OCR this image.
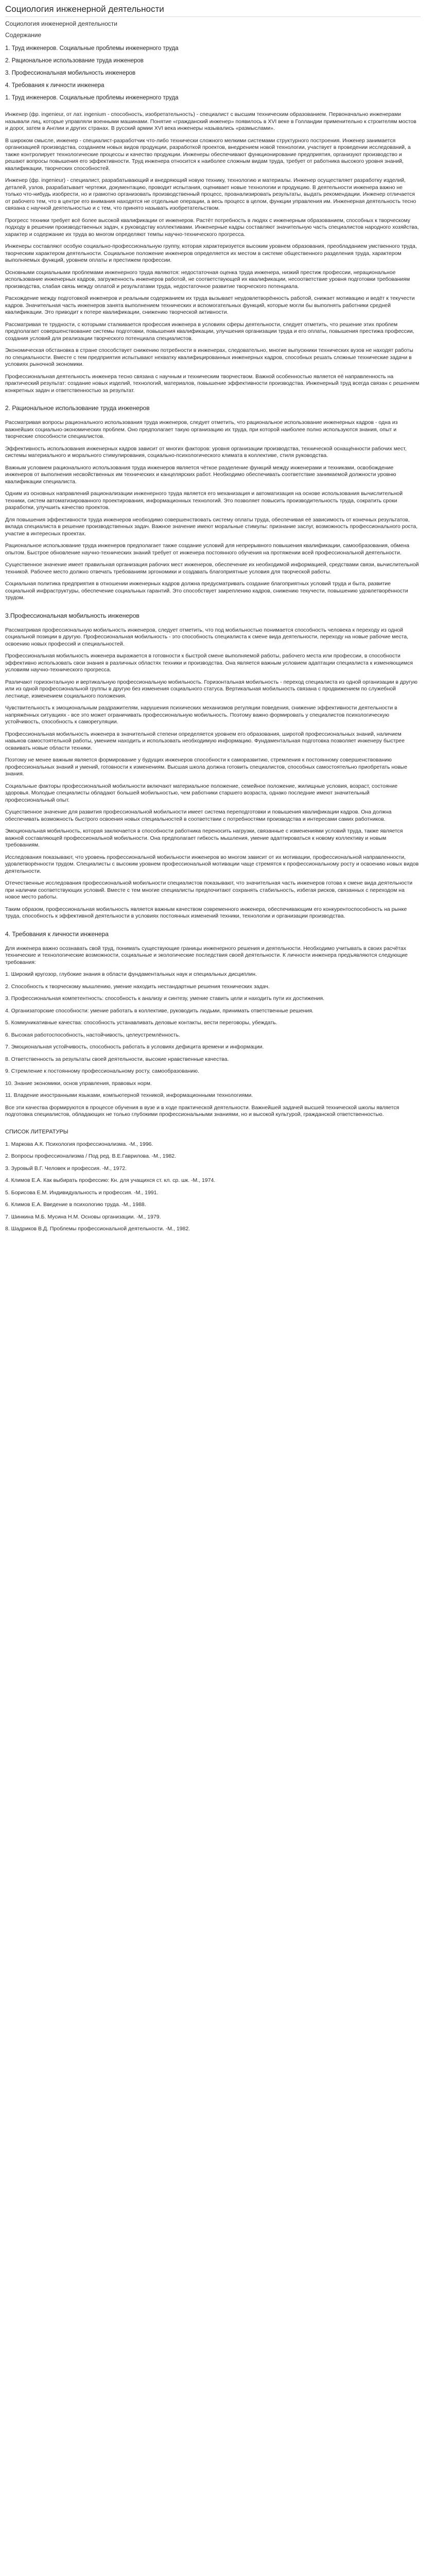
Социология инженерной деятельности
Социология инженерной деятельности
Содержание
1. Труд инженеров. Социальные проблемы инженерного труда
2. Рациональное использование труда инженеров
3. Профессиональная мобильность инженеров
4. Требования к личности инженера
1. Труд инженеров. Социальные проблемы инженерного труда

Инженер (фр. ingenieur, от лат. ingenium - способность, изобретательность) - специалист с высшим техническим образованием. Первоначально инженерами называли лиц, которые управляли военными машинами. Понятие «гражданский инженер» появилось в XVI веке в Голландии применительно к строителям мостов и дорог, затем в Англии и других странах. В русский армии XVI века инженеры назывались «размыслами».

В широком смысле, инженер - специалист-разработчик что-либо технически сложного мелкими системами структурного построения. Инженер занимается организацией производства, созданием новых видов продукции, разработкой проектов, внедрением новой технологии, участвует в проведении исследований, а также контролирует технологические процессы и качество продукции. Инженеры обеспечивают функционирование предприятия, организуют производство и решают вопросы повышения его эффективности. Труд инженера относится к наиболее сложным видам труда, требует от работника высокого уровня знаний, квалификации, творческих способностей.

Инженер (фр. ingenieur) - специалист, разрабатывающий и внедряющий новую технику, технологию и материалы. Инженер осуществляет разработку изделий, деталей, узлов, разрабатывает чертежи, документацию, проводит испытания, оценивает новые технологии и продукцию. В деятельности инженера важно не только что-нибудь изобрести, но и грамотно организовать производственный процесс, проанализировать результаты, выдать рекомендации. Инженер отличается от рабочего тем, что в центре его внимания находятся не отдельные операции, а весь процесс в целом, функции управления им. Инженерная деятельность тесно связана с научной деятельностью и с тем, что принято называть изобретательством.

Прогресс техники требует всё более высокой квалификации от инженеров. Растёт потребность в людях с инженерным образованием, способных к творческому подходу в решении производственных задач, к руководству коллективами. Инженерные кадры составляют значительную часть специалистов народного хозяйства, характер и содержание их труда во многом определяют темпы научно-технического прогресса.

Инженеры составляют особую социально-профессиональную группу, которая характеризуется высоким уровнем образования, преобладанием умственного труда, творческим характером деятельности. Социальное положение инженеров определяется их местом в системе общественного разделения труда, характером выполняемых функций, уровнем оплаты и престижем профессии.

Основными социальными проблемами инженерного труда являются: недостаточная оценка труда инженера, низкий престиж профессии, нерациональное использование инженерных кадров, загруженность инженеров работой, не соответствующей их квалификации, несоответствие уровня подготовки требованиям производства, слабая связь между оплатой и результатами труда, недостаточное развитие творческого потенциала.

Расхождение между подготовкой инженеров и реальным содержанием их труда вызывает неудовлетворённость работой, снижает мотивацию и ведёт к текучести кадров. Значительная часть инженеров занята выполнением технических и вспомогательных функций, которые могли бы выполнять работники средней квалификации. Это приводит к потере квалификации, снижению творческой активности.

Рассматривая те трудности, с которыми сталкивается профессия инженера в условиях сферы деятельности, следует отметить, что решение этих проблем предполагает совершенствование системы подготовки, повышения квалификации, улучшения организации труда и его оплаты, повышения престижа профессии, создания условий для реализации творческого потенциала специалистов.

Экономическая обстановка в стране способствует снижению потребности в инженерах, следовательно, многие выпускники технических вузов не находят работы по специальности. Вместе с тем предприятия испытывают нехватку квалифицированных инженерных кадров, способных решать сложные технические задачи в условиях рыночной экономики.

Профессиональная деятельность инженера тесно связана с научным и техническим творчеством. Важной особенностью является её направленность на практический результат: создание новых изделий, технологий, материалов, повышение эффективности производства. Инженерный труд всегда связан с решением конкретных задач и ответственностью за результат.

2. Рациональное использование труда инженеров

Рассматривая вопросы рационального использования труда инженеров, следует отметить, что рациональное использование инженерных кадров - одна из важнейших социально-экономических проблем. Оно предполагает такую организацию их труда, при которой наиболее полно используются знания, опыт и творческие способности специалистов.

Эффективность использования инженерных кадров зависит от многих факторов: уровня организации производства, технической оснащённости рабочих мест, системы материального и морального стимулирования, социально-психологического климата в коллективе, стиля руководства.

Важным условием рационального использования труда инженеров является чёткое разделение функций между инженерами и техниками, освобождение инженеров от выполнения несвойственных им технических и канцелярских работ. Необходимо обеспечивать соответствие занимаемой должности уровню квалификации специалиста.

Одним из основных направлений рационализации инженерного труда является его механизация и автоматизация на основе использования вычислительной техники, систем автоматизированного проектирования, информационных технологий. Это позволяет повысить производительность труда, сократить сроки разработки, улучшить качество проектов.

Для повышения эффективности труда инженеров необходимо совершенствовать систему оплаты труда, обеспечивая её зависимость от конечных результатов, вклада специалиста в решение производственных задач. Важное значение имеют моральные стимулы: признание заслуг, возможность профессионального роста, участие в интересных проектах.

Рациональное использование труда инженеров предполагает также создание условий для непрерывного повышения квалификации, самообразования, обмена опытом. Быстрое обновление научно-технических знаний требует от инженера постоянного обучения на протяжении всей профессиональной деятельности.

Существенное значение имеет правильная организация рабочих мест инженеров, обеспечение их необходимой информацией, средствами связи, вычислительной техникой. Рабочее место должно отвечать требованиям эргономики и создавать благоприятные условия для творческой работы.

Социальная политика предприятия в отношении инженерных кадров должна предусматривать создание благоприятных условий труда и быта, развитие социальной инфраструктуры, обеспечение социальных гарантий. Это способствует закреплению кадров, снижению текучести, повышению удовлетворённости трудом.

3.Профессиональная мобильность инженеров

Рассматривая профессиональную мобильность инженеров, следует отметить, что под мобильностью понимается способность человека к переходу из одной социальной позиции в другую. Профессиональная мобильность - это способность специалиста к смене вида деятельности, переходу на новые рабочие места, освоению новых профессий и специальностей.

Профессиональная мобильность инженера выражается в готовности к быстрой смене выполняемой работы, рабочего места или профессии, в способности эффективно использовать свои знания в различных областях техники и производства. Она является важным условием адаптации специалиста к изменяющимся условиям научно-технического прогресса.

Различают горизонтальную и вертикальную профессиональную мобильность. Горизонтальная мобильность - переход специалиста из одной организации в другую или из одной профессиональной группы в другую без изменения социального статуса. Вертикальная мобильность связана с продвижением по служебной лестнице, изменением социального положения.

Чувствительность к эмоциональным раздражителям, нарушения психических механизмов регуляции поведения, снижение эффективности деятельности в напряжённых ситуациях - все это может ограничивать профессиональную мобильность. Поэтому важно формировать у специалистов психологическую устойчивость, способность к саморегуляции.

Профессиональная мобильность инженера в значительной степени определяется уровнем его образования, широтой профессиональных знаний, наличием навыков самостоятельной работы, умением находить и использовать необходимую информацию. Фундаментальная подготовка позволяет инженеру быстрее осваивать новые области техники.

Поэтому не менее важным является формирование у будущих инженеров способности к саморазвитию, стремления к постоянному совершенствованию профессиональных знаний и умений, готовности к изменениям. Высшая школа должна готовить специалистов, способных самостоятельно приобретать новые знания.

Социальные факторы профессиональной мобильности включают материальное положение, семейное положение, жилищные условия, возраст, состояние здоровья. Молодые специалисты обладают большей мобильностью, чем работники старшего возраста, однако последние имеют значительный профессиональный опыт.

Существенное значение для развития профессиональной мобильности имеет система переподготовки и повышения квалификации кадров. Она должна обеспечивать возможность быстрого освоения новых специальностей в соответствии с потребностями производства и интересами самих работников.

Эмоциональная мобильность, которая заключается в способности работника переносить нагрузки, связанные с изменениями условий труда, также является важной составляющей профессиональной мобильности. Она предполагает гибкость мышления, умение адаптироваться к новому коллективу и новым требованиям.

Исследования показывают, что уровень профессиональной мобильности инженеров во многом зависит от их мотивации, профессиональной направленности, удовлетворённости трудом. Специалисты с высоким уровнем профессиональной мотивации чаще стремятся к профессиональному росту и освоению новых видов деятельности.

Отечественные исследования профессиональной мобильности специалистов показывают, что значительная часть инженеров готова к смене вида деятельности при наличии соответствующих условий. Вместе с тем многие специалисты предпочитают сохранять стабильность, избегая рисков, связанных с переходом на новое место работы.

Таким образом, профессиональная мобильность является важным качеством современного инженера, обеспечивающим его конкурентоспособность на рынке труда, способность к эффективной деятельности в условиях постоянных изменений техники, технологии и организации производства.

4. Требования к личности инженера

Для инженера важно осознавать свой труд, понимать существующие границы инженерного решения и деятельности. Необходимо учитывать в своих расчётах технические и технологические возможности, социальные и экологические последствия своей деятельности. К личности инженера предъявляются следующие требования:

1. Широкий кругозор, глубокие знания в области фундаментальных наук и специальных дисциплин.
2. Способность к творческому мышлению, умение находить нестандартные решения технических задач.
3. Профессиональная компетентность: способность к анализу и синтезу, умение ставить цели и находить пути их достижения.
4. Организаторские способности: умение работать в коллективе, руководить людьми, принимать ответственные решения.
5. Коммуникативные качества: способность устанавливать деловые контакты, вести переговоры, убеждать.
6. Высокая работоспособность, настойчивость, целеустремлённость.
7. Эмоциональная устойчивость, способность работать в условиях дефицита времени и информации.
8. Ответственность за результаты своей деятельности, высокие нравственные качества.
9. Стремление к постоянному профессиональному росту, самообразованию.
10. Знание экономики, основ управления, правовых норм.
11. Владение иностранными языками, компьютерной техникой, информационными технологиями.

Все эти качества формируются в процессе обучения в вузе и в ходе практической деятельности. Важнейшей задачей высшей технической школы является подготовка специалистов, обладающих не только глубокими профессиональными знаниями, но и высокой культурой, гражданской ответственностью.

СПИСОК ЛИТЕРАТУРЫ
1. Маркова А.К. Психология профессионализма. -М., 1996.
2. Вопросы профессионализма / Под ред. В.Е.Гаврилова. -М., 1982.
3. Зуровый В.Г. Человек и профессия. -М., 1972.
4. Климов Е.А. Как выбирать профессию: Кн. для учащихся ст. кл. ср. шк. -М., 1974.
5. Борисова Е.М. Индивидуальность и профессия. -М., 1991.
6. Климов Е.А. Введение в психологию труда. -М., 1988.
7. Шинкина М.Б. Мусина Н.М. Основы организации. -М., 1979.
8. Шадриков В.Д. Проблемы профессиональной деятельности. -М., 1982.
